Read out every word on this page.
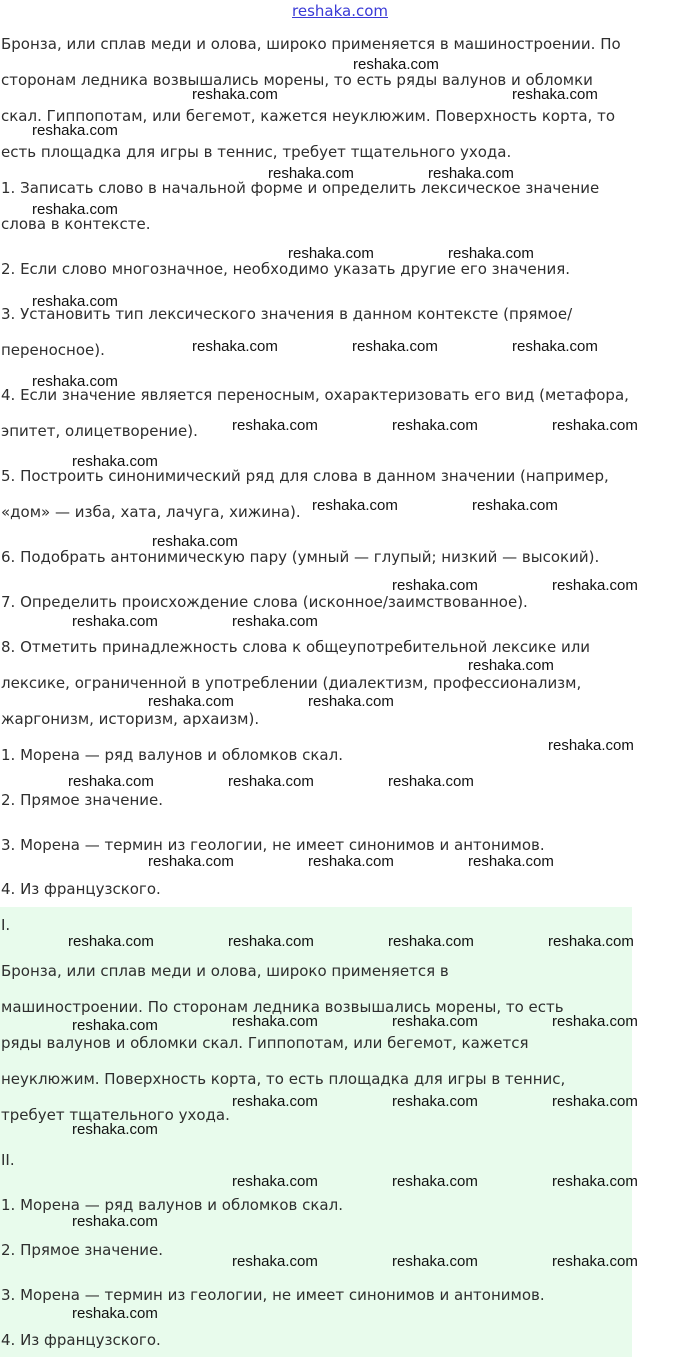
reshaka.com
Бронза, или сплав меди и олова, широко применяется в машиностроении. По
сторонам ледника возвышались морены, то есть ряды валунов и обломки
скал. Гиппопотам, или бегемот, кажется неуклюжим. Поверхность корта, то
есть площадка для игры в теннис, требует тщательного ухода.
1. Записать слово в начальной форме и определить лексическое значение
слова в контексте.
2. Если слово многозначное, необходимо указать другие его значения.
3. Установить тип лексического значения в данном контексте (прямое/
переносное).
4. Если значение является переносным, охарактеризовать его вид (метафора,
эпитет, олицетворение).
5. Построить синонимический ряд для слова в данном значении (например,
«дом» — изба, хата, лачуга, хижина).
6. Подобрать антонимическую пару (умный — глупый; низкий — высокий).
7. Определить происхождение слова (исконное/заимствованное).
8. Отметить принадлежность слова к общеупотребительной лексике или
лексике, ограниченной в употреблении (диалектизм, профессионализм,
жаргонизм, историзм, архаизм).
1. Морена — ряд валунов и обломков скал.
2. Прямое значение.
3. Морена — термин из геологии, не имеет синонимов и антонимов.
4. Из французского.
I.
Бронза, или сплав меди и олова, широко применяется в
машиностроении. По сторонам ледника возвышались морены, то есть
ряды валунов и обломки скал. Гиппопотам, или бегемот, кажется
неуклюжим. Поверхность корта, то есть площадка для игры в теннис,
требует тщательного ухода.
II.
1. Морена — ряд валунов и обломков скал.
2. Прямое значение.
3. Морена — термин из геологии, не имеет синонимов и антонимов.
4. Из французского.
reshaka.com
reshaka.com	reshaka.com
reshaka.com
reshaka.com	reshaka.com
reshaka.com
reshaka.com	reshaka.com
reshaka.com
reshaka.com	reshaka.com	reshaka.com
reshaka.com
reshaka.com	reshaka.com	reshaka.com
reshaka.com
reshaka.com	reshaka.com
reshaka.com
reshaka.com	reshaka.com
reshaka.com	reshaka.com
reshaka.com
reshaka.com	reshaka.com
reshaka.com
reshaka.com	reshaka.com	reshaka.com
reshaka.com	reshaka.com	reshaka.com
reshaka.com	reshaka.com	reshaka.com	reshaka.com
reshaka.com	reshaka.com	reshaka.com
reshaka.com
reshaka.com	reshaka.com	reshaka.com
reshaka.com
reshaka.com	reshaka.com	reshaka.com
reshaka.com
reshaka.com	reshaka.com	reshaka.com
reshaka.com
